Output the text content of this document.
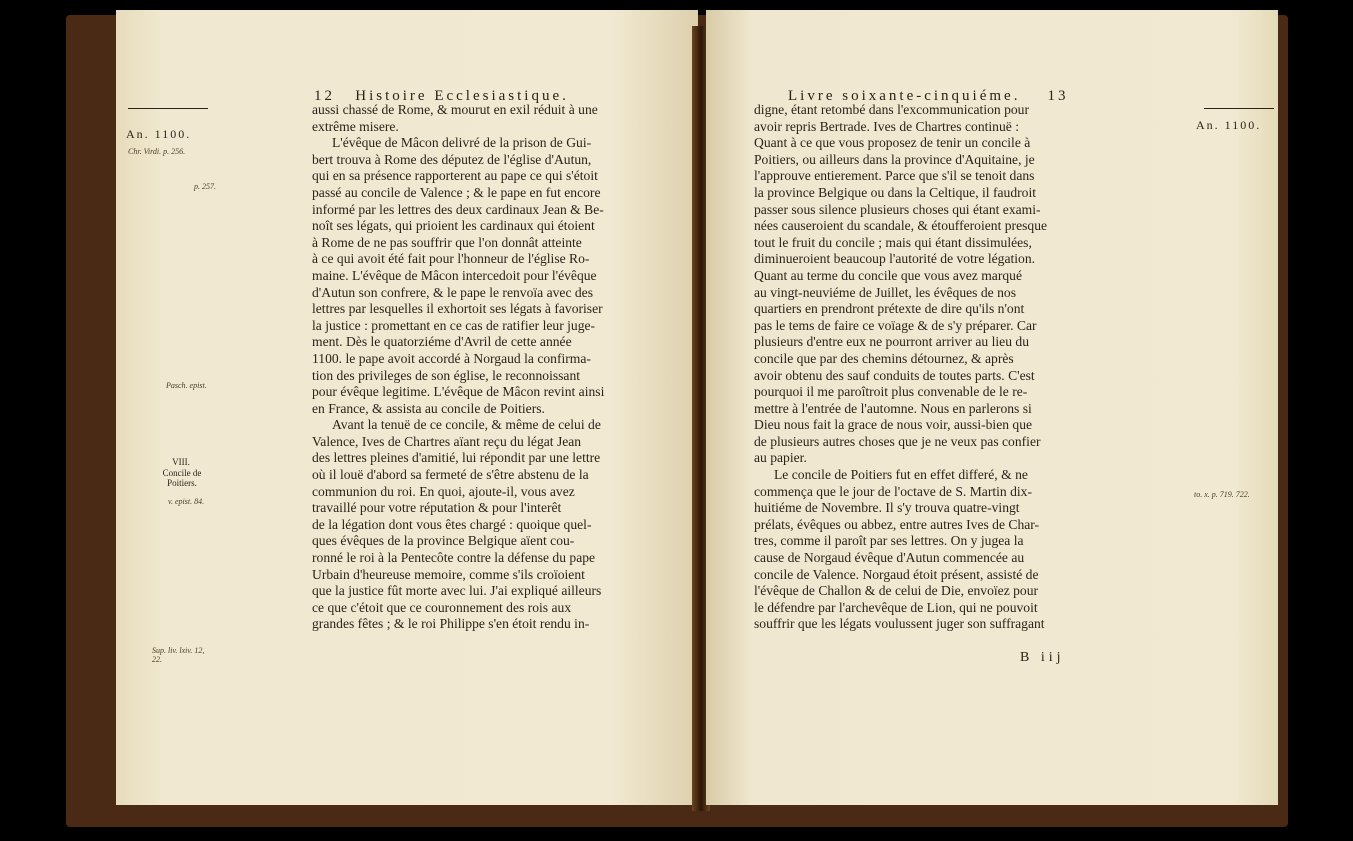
12 Histoire Ecclesiastique.
An. 1100.
Chr. Virdi. p. 256.
p. 257.
Pasch. epist.
VIII.
Concile de Poitiers.
v. epist. 84.
Sup. liv. lxiv. 12, 22.
aussi chassé de Rome, & mourut en exil réduit à une
extrême misere.
L'évêque de Mâcon delivré de la prison de Gui-
bert trouva à Rome des députez de l'église d'Autun,
qui en sa présence rapporterent au pape ce qui s'étoit
passé au concile de Valence ; & le pape en fut encore
informé par les lettres des deux cardinaux Jean & Be-
noît ses légats, qui prioient les cardinaux qui étoient
à Rome de ne pas souffrir que l'on donnât atteinte
à ce qui avoit été fait pour l'honneur de l'église Ro-
maine. L'évêque de Mâcon intercedoit pour l'évêque
d'Autun son confrere, & le pape le renvoïa avec des
lettres par lesquelles il exhortoit ses légats à favoriser
la justice : promettant en ce cas de ratifier leur juge-
ment. Dès le quatorziéme d'Avril de cette année
1100. le pape avoit accordé à Norgaud la confirma-
tion des privileges de son église, le reconnoissant
pour évêque legitime. L'évêque de Mâcon revint ainsi
en France, & assista au concile de Poitiers.
Avant la tenuë de ce concile, & même de celui de
Valence, Ives de Chartres aïant reçu du légat Jean
des lettres pleines d'amitié, lui répondit par une lettre
où il louë d'abord sa fermeté de s'être abstenu de la
communion du roi. En quoi, ajoute-il, vous avez
travaillé pour votre réputation & pour l'interêt
de la légation dont vous êtes chargé : quoique quel-
ques évêques de la province Belgique aïent cou-
ronné le roi à la Pentecôte contre la défense du pape
Urbain d'heureuse memoire, comme s'ils croïoient
que la justice fût morte avec lui. J'ai expliqué ailleurs
ce que c'étoit que ce couronnement des rois aux
grandes fêtes ; & le roi Philippe s'en étoit rendu in-
Livre soixante-cinquiéme. 13
An. 1100.
to. x. p. 719. 722.
digne, étant retombé dans l'excommunication pour
avoir repris Bertrade. Ives de Chartres continuë :
Quant à ce que vous proposez de tenir un concile à
Poitiers, ou ailleurs dans la province d'Aquitaine, je
l'approuve entierement. Parce que s'il se tenoit dans
la province Belgique ou dans la Celtique, il faudroit
passer sous silence plusieurs choses qui étant exami-
nées causeroient du scandale, & étoufferoient presque
tout le fruit du concile ; mais qui étant dissimulées,
diminueroient beaucoup l'autorité de votre légation.
Quant au terme du concile que vous avez marqué
au vingt-neuviéme de Juillet, les évêques de nos
quartiers en prendront prétexte de dire qu'ils n'ont
pas le tems de faire ce voïage & de s'y préparer. Car
plusieurs d'entre eux ne pourront arriver au lieu du
concile que par des chemins détournez, & après
avoir obtenu des sauf conduits de toutes parts. C'est
pourquoi il me paroîtroit plus convenable de le re-
mettre à l'entrée de l'automne. Nous en parlerons si
Dieu nous fait la grace de nous voir, aussi-bien que
de plusieurs autres choses que je ne veux pas confier
au papier.
Le concile de Poitiers fut en effet differé, & ne
commença que le jour de l'octave de S. Martin dix-
huitiéme de Novembre. Il s'y trouva quatre-vingt
prélats, évêques ou abbez, entre autres Ives de Char-
tres, comme il paroît par ses lettres. On y jugea la
cause de Norgaud évêque d'Autun commencée au
concile de Valence. Norgaud étoit présent, assisté de
l'évêque de Challon & de celui de Die, envoïez pour
le défendre par l'archevêque de Lion, qui ne pouvoit
souffrir que les légats voulussent juger son suffragant
B iij
